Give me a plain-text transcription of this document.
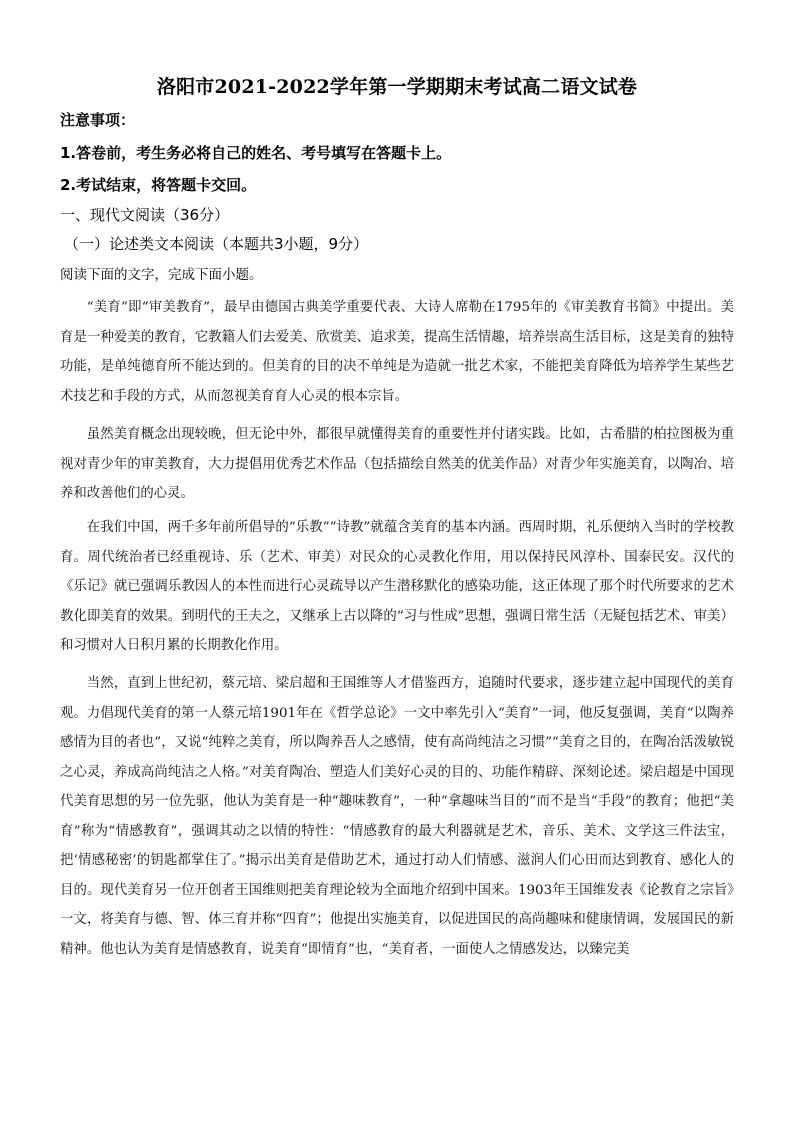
洛阳市2021-2022学年第一学期期末考试高二语文试卷
注意事项：
1.答卷前，考生务必将自己的姓名、考号填写在答题卡上。
2.考试结束，将答题卡交回。
一、现代文阅读（36分）
（一）论述类文本阅读（本题共3小题，9分）
阅读下面的文字，完成下面小题。
“美育”即“审美教育”，最早由德国古典美学重要代表、大诗人席勒在1795年的《审美教育书简》中提出。美育是一种爱美的教育，它教籍人们去爱美、欣赏美、追求美，提高生活情趣，培养崇高生活目标，这是美育的独特功能，是单纯德育所不能达到的。但美育的目的决不单纯是为造就一批艺术家，不能把美育降低为培养学生某些艺术技艺和手段的方式，从而忽视美育育人心灵的根本宗旨。
虽然美育概念出现较晚，但无论中外，都很早就懂得美育的重要性并付诸实践。比如，古希腊的柏拉图极为重视对青少年的审美教育，大力提倡用优秀艺术作品（包括描绘自然美的优美作品）对青少年实施美育，以陶冶、培养和改善他们的心灵。
在我们中国，两千多年前所倡导的“乐教”“诗教”就蕴含美育的基本内涵。西周时期，礼乐便纳入当时的学校教育。周代统治者已经重视诗、乐（艺术、审美）对民众的心灵教化作用，用以保持民风淳朴、国泰民安。汉代的《乐记》就已强调乐教因人的本性而进行心灵疏导以产生潜移默化的感染功能，这正体现了那个时代所要求的艺术教化即美育的效果。到明代的王夫之，又继承上古以降的“习与性成”思想，强调日常生活（无疑包括艺术、审美）和习惯对人日积月累的长期教化作用。
当然，直到上世纪初，蔡元培、梁启超和王国维等人才借鉴西方，追随时代要求，逐步建立起中国现代的美育观。力倡现代美育的第一人蔡元培1901年在《哲学总论》一文中率先引入“美育”一词，他反复强调，美育“以陶养感情为目的者也”，又说“纯粹之美育，所以陶养吾人之感情，使有高尚纯洁之习惯”“美育之目的，在陶冶活泼敏锐之心灵，养成高尚纯洁之人格。”对美育陶冶、塑造人们美好心灵的目的、功能作精辟、深刻论述。梁启超是中国现代美育思想的另一位先驱，他认为美育是一种“趣味教育”，一种“拿趣味当目的”而不是当“手段”的教育；他把“美育”称为“情感教育”，强调其动之以情的特性：“情感教育的最大利器就是艺术，音乐、美术、文学这三件法宝，把‘情感秘密’的钥匙都掌住了。”揭示出美育是借助艺术，通过打动人们情感、滋润人们心田而达到教育、感化人的目的。现代美育另一位开创者王国维则把美育理论较为全面地介绍到中国来。1903年王国维发表《论教育之宗旨》一文，将美育与德、智、体三育并称“四育”；他提出实施美育，以促进国民的高尚趣味和健康情调，发展国民的新精神。他也认为美育是情感教育，说美育“即情育”也，“美育者，一面使人之情感发达，以臻完美
